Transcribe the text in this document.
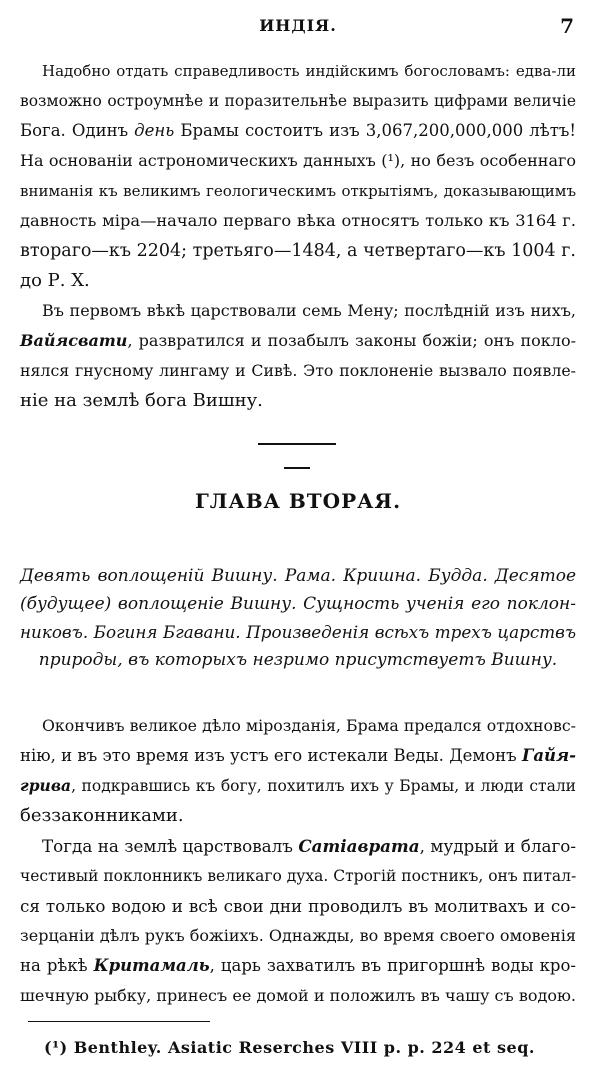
ИНДІЯ.	7
Надобно отдать справедливость индійскимъ богословамъ: едва-ли
возможно остроумнѣе и поразительнѣе выразить цифрами величіе
Бога. Одинъ день Брамы состоитъ изъ 3,067,200,000,000 лѣтъ!
На основаніи астрономическихъ данныхъ (¹), но безъ особеннаго
вниманія къ великимъ геологическимъ открытіямъ, доказывающимъ
давность міра—начало перваго вѣка относятъ только къ 3164 г.
втораго—къ 2204; третьяго—1484, а четвертаго—къ 1004 г.
до Р. Х.
Въ первомъ вѣкѣ царствовали семь Мену; послѣдній изъ нихъ,
Вайясвати, развратился и позабылъ законы божіи; онъ покло-
нялся гнусному лингаму и Сивѣ. Это поклоненіе вызвало появле-
ніе на землѣ бога Вишну.
ГЛАВА ВТОРАЯ.
Девять воплощеній Вишну. Рама. Кришна. Будда. Десятое
(будущее) воплощеніе Вишну. Сущность ученія его поклон-
никовъ. Богиня Бгавани. Произведенія всѣхъ трехъ царствъ
природы, въ которыхъ незримо присутствуетъ Вишну.
Окончивъ великое дѣло мірозданія, Брама предался отдохновс-
нію, и въ это время изъ устъ его истекали Веды. Демонъ Гайя-
грива, подкравшись къ богу, похитилъ ихъ у Брамы, и люди стали
беззаконниками.
Тогда на землѣ царствовалъ Сатіаврата, мудрый и благо-
честивый поклонникъ великаго духа. Строгій постникъ, онъ питал-
ся только водою и всѣ свои дни проводилъ въ молитвахъ и со-
зерцаніи дѣлъ рукъ божіихъ. Однажды, во время своего омовенія
на рѣкѣ Критамаль, царь захватилъ въ пригоршнѣ воды кро-
шечную рыбку, принесъ ее домой и положилъ въ чашу съ водою.
(¹) Benthley. Asiatic Reserches VIII p. p. 224 et seq.
